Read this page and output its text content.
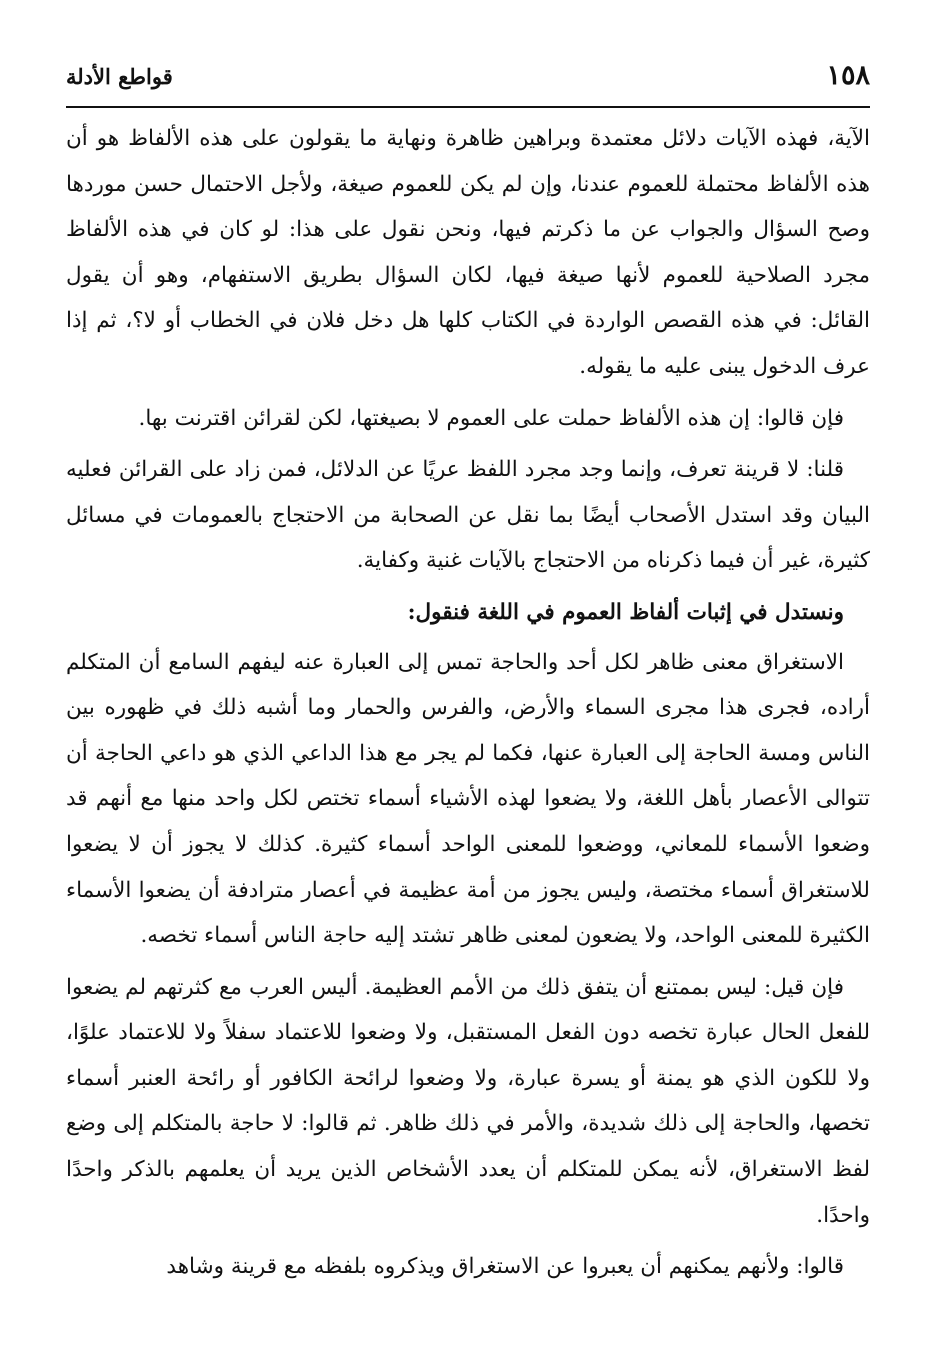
١٥٨
قواطع الأدلة

الآية، فهذه الآيات دلائل معتمدة وبراهين ظاهرة ونهاية ما يقولون على هذه الألفاظ هو أن هذه الألفاظ محتملة للعموم عندنا، وإن لم يكن للعموم صيغة، ولأجل الاحتمال حسن موردها وصح السؤال والجواب عن ما ذكرتم فيها، ونحن نقول على هذا: لو كان في هذه الألفاظ مجرد الصلاحية للعموم لأنها صيغة فيها، لكان السؤال بطريق الاستفهام، وهو أن يقول القائل: في هذه القصص الواردة في الكتاب كلها هل دخل فلان في الخطاب أو لا؟، ثم إذا عرف الدخول يبنى عليه ما يقوله.

فإن قالوا: إن هذه الألفاظ حملت على العموم لا بصيغتها، لكن لقرائن اقترنت بها.

قلنا: لا قرينة تعرف، وإنما وجد مجرد اللفظ عريًا عن الدلائل، فمن زاد على القرائن فعليه البيان وقد استدل الأصحاب أيضًا بما نقل عن الصحابة من الاحتجاج بالعمومات في مسائل كثيرة، غير أن فيما ذكرناه من الاحتجاج بالآيات غنية وكفاية.

ونستدل في إثبات ألفاظ العموم في اللغة فنقول:

الاستغراق معنى ظاهر لكل أحد والحاجة تمس إلى العبارة عنه ليفهم السامع أن المتكلم أراده، فجرى هذا مجرى السماء والأرض، والفرس والحمار وما أشبه ذلك في ظهوره بين الناس ومسة الحاجة إلى العبارة عنها، فكما لم يجر مع هذا الداعي الذي هو داعي الحاجة أن تتوالى الأعصار بأهل اللغة، ولا يضعوا لهذه الأشياء أسماء تختص لكل واحد منها مع أنهم قد وضعوا الأسماء للمعاني، ووضعوا للمعنى الواحد أسماء كثيرة. كذلك لا يجوز أن لا يضعوا للاستغراق أسماء مختصة، وليس يجوز من أمة عظيمة في أعصار مترادفة أن يضعوا الأسماء الكثيرة للمعنى الواحد، ولا يضعون لمعنى ظاهر تشتد إليه حاجة الناس أسماء تخصه.

فإن قيل: ليس بممتنع أن يتفق ذلك من الأمم العظيمة. أليس العرب مع كثرتهم لم يضعوا للفعل الحال عبارة تخصه دون الفعل المستقبل، ولا وضعوا للاعتماد سفلاً ولا للاعتماد علوًا، ولا للكون الذي هو يمنة أو يسرة عبارة، ولا وضعوا لرائحة الكافور أو رائحة العنبر أسماء تخصها، والحاجة إلى ذلك شديدة، والأمر في ذلك ظاهر. ثم قالوا: لا حاجة بالمتكلم إلى وضع لفظ الاستغراق، لأنه يمكن للمتكلم أن يعدد الأشخاص الذين يريد أن يعلمهم بالذكر واحدًا واحدًا.

قالوا: ولأنهم يمكنهم أن يعبروا عن الاستغراق ويذكروه بلفظه مع قرينة وشاهد
